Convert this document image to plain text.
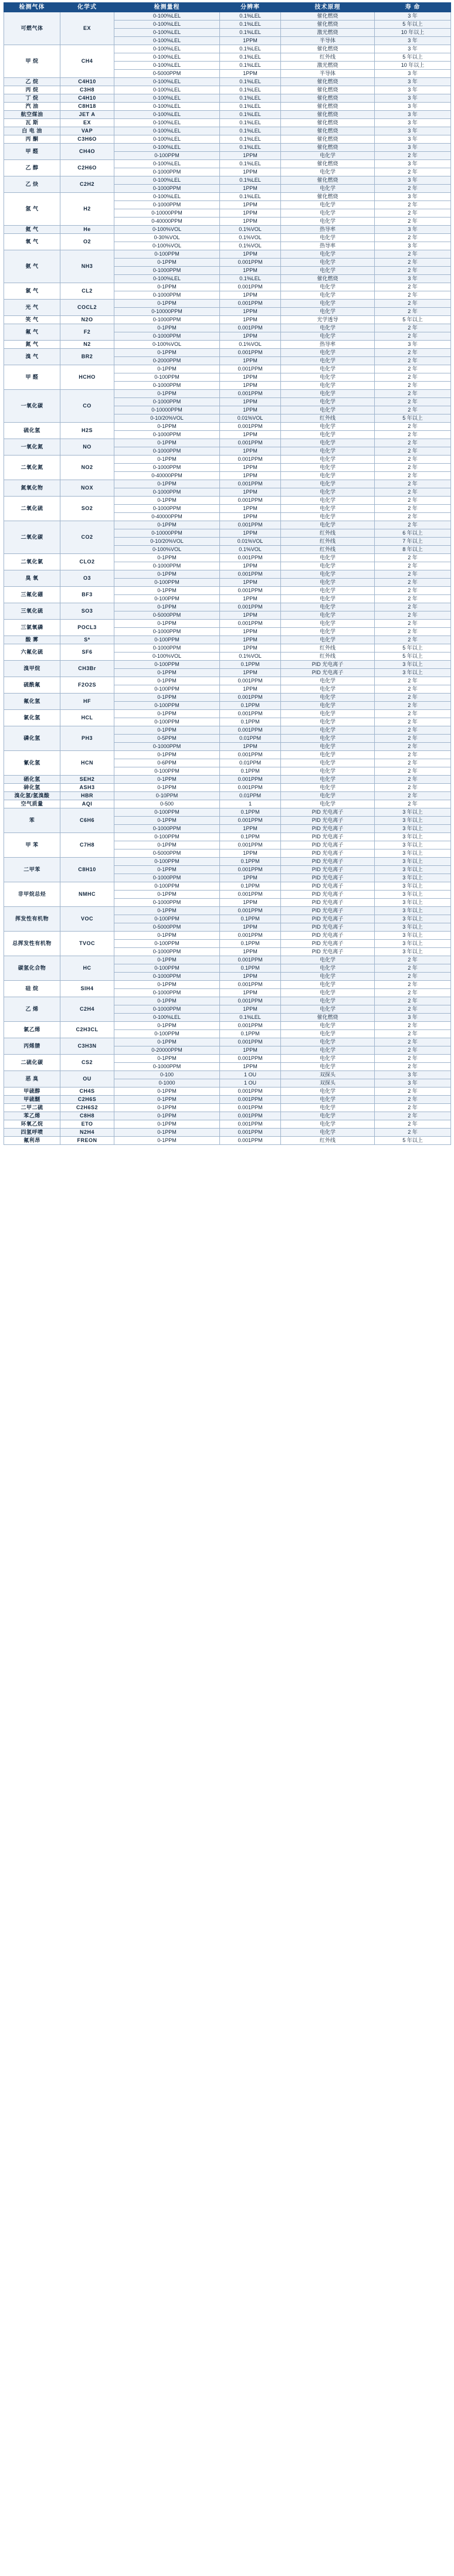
检测气体	化学式	检测量程	分辨率	技术原理	寿 命
可燃气体	EX	0-100%LEL	0.1%LEL	催化燃烧	3 年
		0-100%LEL	0.1%LEL	催化燃烧	5 年以上
		0-100%LEL	0.1%LEL	激光燃烧	10 年以上
		0-100%LEL	1PPM	半导体	3 年
甲 烷	CH4	0-100%LEL	0.1%LEL	催化燃烧	3 年
		0-100%LEL	0.1%LEL	红外线	5 年以上
		0-100%LEL	0.1%LEL	激光燃烧	10 年以上
		0-5000PPM	1PPM	半导体	3 年
乙 烷	C4H10	0-100%LEL	0.1%LEL	催化燃烧	3 年
丙 烷	C3H8	0-100%LEL	0.1%LEL	催化燃烧	3 年
丁 烷	C4H10	0-100%LEL	0.1%LEL	催化燃烧	3 年
汽 油	C8H18	0-100%LEL	0.1%LEL	催化燃烧	3 年
航空煤油	JET A	0-100%LEL	0.1%LEL	催化燃烧	3 年
瓦 斯	EX	0-100%LEL	0.1%LEL	催化燃烧	3 年
白 电 油	VAP	0-100%LEL	0.1%LEL	催化燃烧	3 年
丙 酮	C3H6O	0-100%LEL	0.1%LEL	催化燃烧	3 年
甲 醛	CH4O	0-100%LEL	0.1%LEL	催化燃烧	3 年
		0-100PPM	1PPM	电化学	2 年
乙 醇	C2H6O	0-100%LEL	0.1%LEL	催化燃烧	3 年
		0-1000PPM	1PPM	电化学	2 年
乙 炔	C2H2	0-100%LEL	0.1%LEL	催化燃烧	3 年
		0-1000PPM	1PPM	电化学	2 年
氢 气	H2	0-100%LEL	0.1%LEL	催化燃烧	3 年
		0-1000PPM	1PPM	电化学	2 年
		0-10000PPM	1PPM	电化学	2 年
		0-40000PPM	1PPM	电化学	2 年
氦 气	He	0-100%VOL	0.1%VOL	热导率	3 年
氧 气	O2	0-30%VOL	0.1%VOL	电化学	2 年
		0-100%VOL	0.1%VOL	热导率	3 年
氨 气	NH3	0-100PPM	1PPM	电化学	2 年
		0-1PPM	0.001PPM	电化学	2 年
		0-1000PPM	1PPM	电化学	2 年
		0-100%LEL	0.1%LEL	催化燃烧	3 年
氯 气	CL2	0-1PPM	0.001PPM	电化学	2 年
		0-1000PPM	1PPM	电化学	2 年
光 气	COCL2	0-1PPM	0.001PPM	电化学	2 年
		0-10000PPM	1PPM	电化学	2 年
笑 气	N2O	0-1000PPM	1PPM	光学透导	5 年以上
氟 气	F2	0-1PPM	0.001PPM	电化学	2 年
		0-1000PPM	1PPM	电化学	2 年
氮 气	N2	0-100%VOL	0.1%VOL	热导率	3 年
溴 气	BR2	0-1PPM	0.001PPM	电化学	2 年
		0-2000PPM	1PPM	电化学	2 年
甲 醛	HCHO	0-1PPM	0.001PPM	电化学	2 年
		0-100PPM	1PPM	电化学	2 年
		0-1000PPM	1PPM	电化学	2 年
一氧化碳	CO	0-1PPM	0.001PPM	电化学	2 年
		0-1000PPM	1PPM	电化学	2 年
		0-10000PPM	1PPM	电化学	2 年
		0-10/20%VOL	0.01%VOL	红外线	5 年以上
硫化氢	H2S	0-1PPM	0.001PPM	电化学	2 年
		0-1000PPM	1PPM	电化学	2 年
一氧化氮	NO	0-1PPM	0.001PPM	电化学	2 年
		0-1000PPM	1PPM	电化学	2 年
二氧化氮	NO2	0-1PPM	0.001PPM	电化学	2 年
		0-1000PPM	1PPM	电化学	2 年
		0-40000PPM	1PPM	电化学	2 年
氮氧化物	NOX	0-1PPM	0.001PPM	电化学	2 年
		0-1000PPM	1PPM	电化学	2 年
二氧化硫	SO2	0-1PPM	0.001PPM	电化学	2 年
		0-1000PPM	1PPM	电化学	2 年
		0-40000PPM	1PPM	电化学	2 年
二氧化碳	CO2	0-1PPM	0.001PPM	电化学	2 年
		0-10000PPM	1PPM	红外线	6 年以上
		0-10/20%VOL	0.01%VOL	红外线	7 年以上
		0-100%VOL	0.1%VOL	红外线	8 年以上
二氧化氯	CLO2	0-1PPM	0.001PPM	电化学	2 年
		0-1000PPM	1PPM	电化学	2 年
臭 氧	O3	0-1PPM	0.001PPM	电化学	2 年
		0-100PPM	1PPM	电化学	2 年
三氟化硼	BF3	0-1PPM	0.001PPM	电化学	2 年
		0-100PPM	1PPM	电化学	2 年
三氧化硫	SO3	0-1PPM	0.001PPM	电化学	2 年
		0-5000PPM	1PPM	电化学	2 年
三氯氧磷	POCL3	0-1PPM	0.001PPM	电化学	2 年
		0-1000PPM	1PPM	电化学	2 年
酸 雾	S*	0-100PPM	1PPM	电化学	2 年
六氟化硫	SF6	0-1000PPM	1PPM	红外线	5 年以上
		0-100%VOL	0.1%VOL	红外线	5 年以上
溴甲烷	CH3Br	0-100PPM	0.1PPM	PID 光电离子	3 年以上
		0-1PPM	1PPM	PID 光电离子	3 年以上
硫酰氟	F2O2S	0-1PPM	0.001PPM	电化学	2 年
		0-100PPM	1PPM	电化学	2 年
氟化氢	HF	0-1PPM	0.001PPM	电化学	2 年
		0-100PPM	0.1PPM	电化学	2 年
氯化氢	HCL	0-1PPM	0.001PPM	电化学	2 年
		0-100PPM	0.1PPM	电化学	2 年
磷化氢	PH3	0-1PPM	0.001PPM	电化学	2 年
		0-5PPM	0.01PPM	电化学	2 年
		0-1000PPM	1PPM	电化学	2 年
氰化氢	HCN	0-1PPM	0.001PPM	电化学	2 年
		0-6PPM	0.01PPM	电化学	2 年
		0-100PPM	0.1PPM	电化学	2 年
硒化氢	SEH2	0-1PPM	0.001PPM	电化学	2 年
砷化氢	ASH3	0-1PPM	0.001PPM	电化学	2 年
溴化氢/氢溴酸	HBR	0-10PPM	0.01PPM	电化学	2 年
空气质量	AQI	0-500	1	电化学	2 年
苯	C6H6	0-100PPM	0.1PPM	PID 光电离子	3 年以上
		0-1PPM	0.001PPM	PID 光电离子	3 年以上
		0-1000PPM	1PPM	PID 光电离子	3 年以上
甲 苯	C7H8	0-100PPM	0.1PPM	PID 光电离子	3 年以上
		0-1PPM	0.001PPM	PID 光电离子	3 年以上
		0-5000PPM	1PPM	PID 光电离子	3 年以上
二甲苯	C8H10	0-100PPM	0.1PPM	PID 光电离子	3 年以上
		0-1PPM	0.001PPM	PID 光电离子	3 年以上
		0-1000PPM	1PPM	PID 光电离子	3 年以上
非甲烷总烃	NMHC	0-100PPM	0.1PPM	PID 光电离子	3 年以上
		0-1PPM	0.001PPM	PID 光电离子	3 年以上
		0-1000PPM	1PPM	PID 光电离子	3 年以上
挥发性有机物	VOC	0-1PPM	0.001PPM	PID 光电离子	3 年以上
		0-100PPM	0.1PPM	PID 光电离子	3 年以上
		0-5000PPM	1PPM	PID 光电离子	3 年以上
总挥发性有机物	TVOC	0-1PPM	0.001PPM	PID 光电离子	3 年以上
		0-100PPM	0.1PPM	PID 光电离子	3 年以上
		0-1000PPM	1PPM	PID 光电离子	3 年以上
碳氢化合物	HC	0-1PPM	0.001PPM	电化学	2 年
		0-100PPM	0.1PPM	电化学	2 年
		0-1000PPM	1PPM	电化学	2 年
硅 烷	SIH4	0-1PPM	0.001PPM	电化学	2 年
		0-1000PPM	1PPM	电化学	2 年
乙 烯	C2H4	0-1PPM	0.001PPM	电化学	2 年
		0-1000PPM	1PPM	电化学	2 年
		0-100%LEL	0.1%LEL	催化燃烧	3 年
氯乙烯	C2H3CL	0-1PPM	0.001PPM	电化学	2 年
		0-100PPM	0.1PPM	电化学	2 年
丙烯腈	C3H3N	0-1PPM	0.001PPM	电化学	2 年
		0-20000PPM	1PPM	电化学	2 年
二硫化碳	CS2	0-1PPM	0.001PPM	电化学	2 年
		0-1000PPM	1PPM	电化学	2 年
恶 臭	OU	0-100	1 OU	双探头	3 年
		0-1000	1 OU	双探头	3 年
甲硫醇	CH4S	0-1PPM	0.001PPM	电化学	2 年
甲硫醚	C2H6S	0-1PPM	0.001PPM	电化学	2 年
二甲二硫	C2H6S2	0-1PPM	0.001PPM	电化学	2 年
苯乙烯	C8H8	0-1PPM	0.001PPM	电化学	2 年
环氧乙烷	ETO	0-1PPM	0.001PPM	电化学	2 年
四氢呼喷	N2H4	0-1PPM	0.001PPM	电化学	2 年
氟利昂	FREON	0-1PPM	0.001PPM	红外线	5 年以上
